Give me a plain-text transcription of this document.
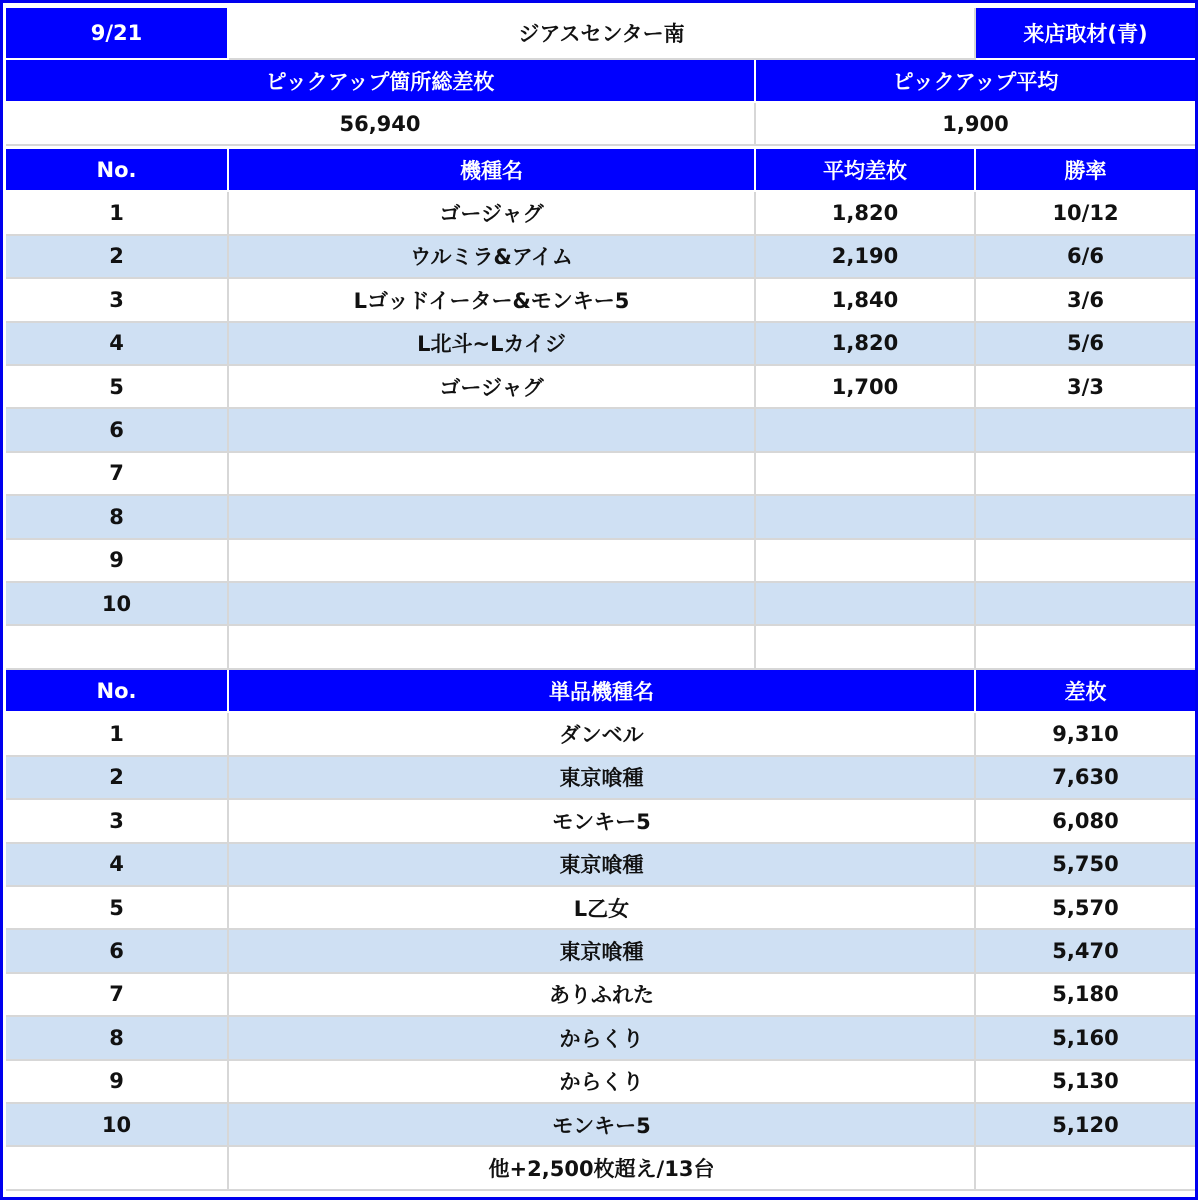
9/21	ジアスセンター南	来店取材(青)
ピックアップ箇所総差枚	ピックアップ平均
56,940	1,900
No.	機種名	平均差枚	勝率
1	ゴージャグ	1,820	10/12
2	ウルミラ&アイム	2,190	6/6
3	Lゴッドイーター&モンキー5	1,840	3/6
4	L北斗~Lカイジ	1,820	5/6
5	ゴージャグ	1,700	3/3
6
7
8
9
10
No.	単品機種名	差枚
1	ダンベル	9,310
2	東京喰種	7,630
3	モンキー5	6,080
4	東京喰種	5,750
5	L乙女	5,570
6	東京喰種	5,470
7	ありふれた	5,180
8	からくり	5,160
9	からくり	5,130
10	モンキー5	5,120
他+2,500枚超え/13台
